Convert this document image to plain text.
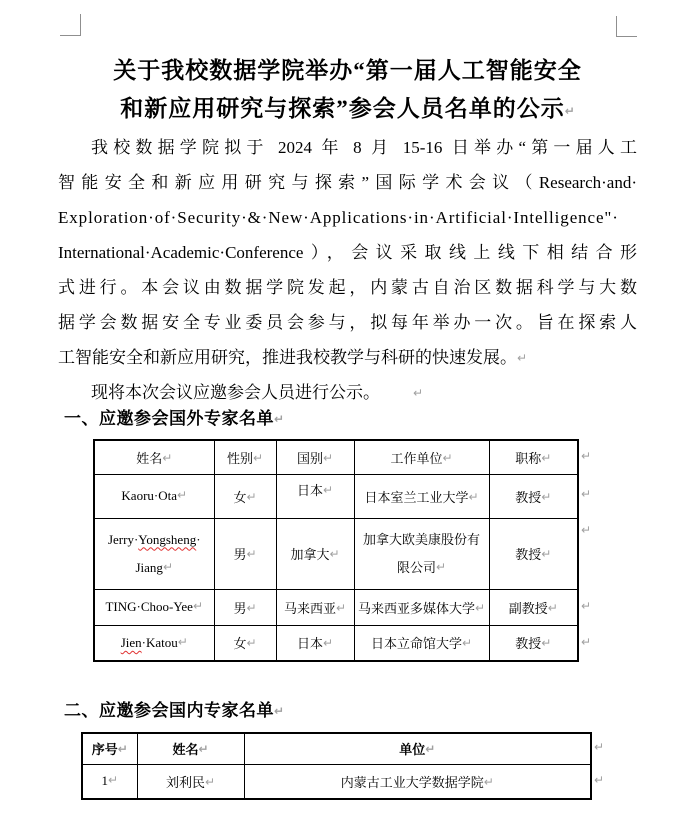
关于我校数据学院举办“第一届人工智能安全
和新应用研究与探索”参会人员名单的公示↵
我校数据学院拟于 2024 年 8 月 15-16 日举办“第一届人工
智能安全和新应用研究与探索”国际学术会议（Research·and·
Exploration·of·Security·&·New·Applications·in·Artificial·Intelligence"·
International·Academic·Conference），会议采取线上线下相结合形
式进行。本会议由数据学院发起，内蒙古自治区数据科学与大数
据学会数据安全专业委员会参与，拟每年举办一次。旨在探索人
工智能安全和新应用研究，推进我校教学与科研的快速发展。↵
现将本次会议应邀参会人员进行公示。	↵
一、应邀参会国外专家名单↵
姓名↵	性别↵	国别↵	工作单位↵	职称↵
Kaoru·Ota↵	女↵	日本↵	日本室兰工业大学↵	教授↵
Jerry·Yongsheng·
Jiang↵	男↵	加拿大↵	加拿大欧美康股份有
限公司↵	教授↵
TING·Choo-Yee↵	男↵	马来西亚↵	马来西亚多媒体大学↵	副教授↵
Jien·Katou↵	女↵	日本↵	日本立命馆大学↵	教授↵
↵
↵
↵
↵
↵
二、应邀参会国内专家名单↵
序号↵	姓名↵	单位↵
1↵	刘利民↵	内蒙古工业大学数据学院↵
↵
↵
